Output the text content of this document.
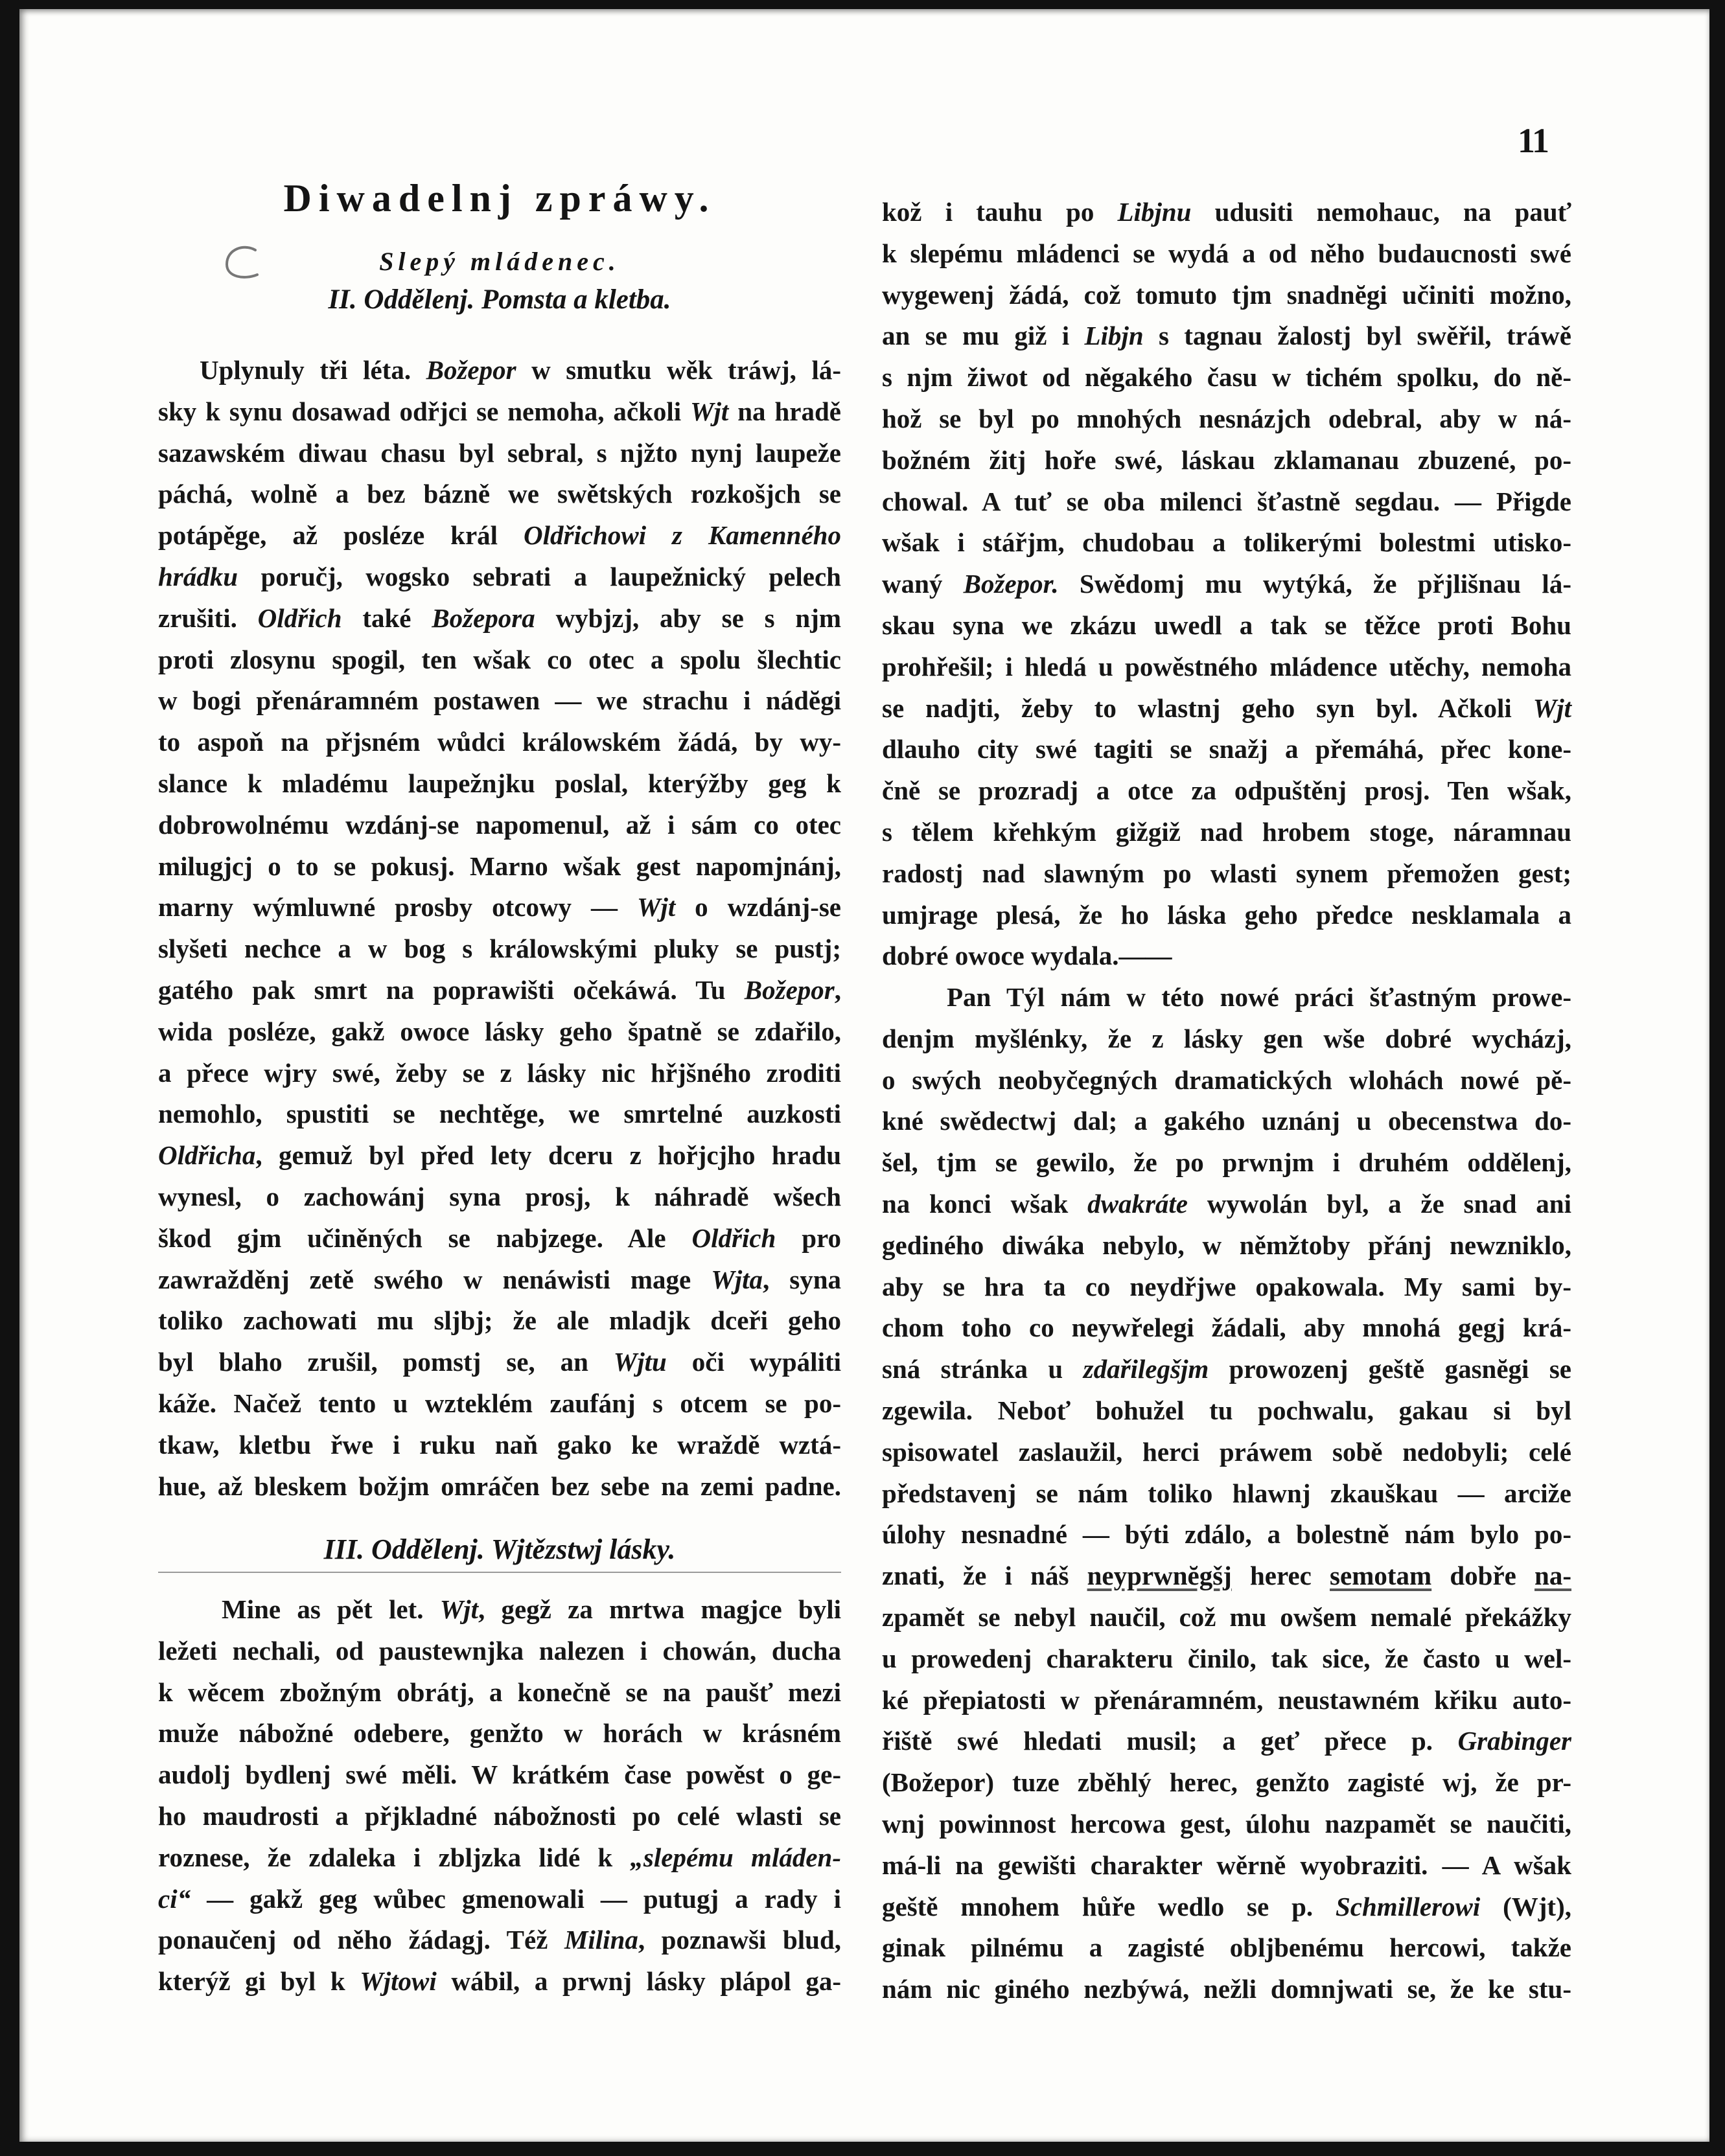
11
Diwadelnj zpráwy.
Slepý mládenec.
II. Oddělenj. Pomsta a kletba.
Uplynuly tři léta. Božepor w smutku wěk tráwj, lá-
sky k synu dosawad odřjci se nemoha, ačkoli Wjt na hradě
sazawském diwau chasu byl sebral, s njžto nynj laupeže
páchá, wolně a bez bázně we swětských rozkošjch se
potápěge, až posléze král Oldřichowi z Kamenného
hrádku poručj, wogsko sebrati a laupežnický pelech
zrušiti. Oldřich také Božepora wybjzj, aby se s njm
proti zlosynu spogil, ten wšak co otec a spolu šlechtic
w bogi přenáramném postawen — we strachu i nádĕgi
to aspoň na přjsném wůdci králowském žádá, by wy-
slance k mladému laupežnjku poslal, kterýžby geg k
dobrowolnému wzdánj-se napomenul, až i sám co otec
milugjcj o to se pokusj. Marno wšak gest napomjnánj,
marny wýmluwné prosby otcowy — Wjt o wzdánj-se
slyšeti nechce a w bog s králowskými pluky se pustj;
gatého pak smrt na poprawišti očekáwá. Tu Božepor,
wida posléze, gakž owoce lásky geho špatně se zdařilo,
a přece wjry swé, žeby se z lásky nic hřjšného zroditi
nemohlo, spustiti se nechtěge, we smrtelné auzkosti
Oldřicha, gemuž byl před lety dceru z hořjcjho hradu
wynesl, o zachowánj syna prosj, k náhradě wšech
škod gjm učiněných se nabjzege. Ale Oldřich pro
zawražděnj zetě swého w nenáwisti mage Wjta, syna
toliko zachowati mu sljbj; že ale mladjk dceři geho
byl blaho zrušil, pomstj se, an Wjtu oči wypáliti
káže. Načež tento u wzteklém zaufánj s otcem se po-
tkaw, kletbu řwe i ruku naň gako ke wraždě wztá-
hue, až bleskem božjm omráčen bez sebe na zemi padne.
III. Oddělenj. Wjtězstwj lásky.
Mine as pět let. Wjt, gegž za mrtwa magjce byli
ležeti nechali, od paustewnjka nalezen i chowán, ducha
k wěcem zbožným obrátj, a konečně se na paušť mezi
muže nábožné odebere, genžto w horách w krásném
audolj bydlenj swé měli. W krátkém čase powěst o ge-
ho maudrosti a přjkladné nábožnosti po celé wlasti se
roznese, že zdaleka i zbljzka lidé k „slepému mláden-
ci“ — gakž geg wůbec gmenowali — putugj a rady i
ponaučenj od něho žádagj. Též Milina, poznawši blud,
kterýž gi byl k Wjtowi wábil, a prwnj lásky plápol ga-
kož i tauhu po Libjnu udusiti nemohauc, na pauť
k slepému mládenci se wydá a od něho budaucnosti swé
wygewenj žádá, což tomuto tjm snadnĕgi učiniti možno,
an se mu giž i Libjn s tagnau žalostj byl swěřil, tráwě
s njm žiwot od něgakého času w tichém spolku, do ně-
hož se byl po mnohých nesnázjch odebral, aby w ná-
božném žitj hoře swé, láskau zklamanau zbuzené, po-
chowal. A tuť se oba milenci šťastně segdau. — Přigde
wšak i stářjm, chudobau a tolikerými bolestmi utisko-
waný Božepor. Swědomj mu wytýká, že přjlišnau lá-
skau syna we zkázu uwedl a tak se těžce proti Bohu
prohřešil; i hledá u powěstného mládence utěchy, nemoha
se nadjti, žeby to wlastnj geho syn byl. Ačkoli Wjt
dlauho city swé tagiti se snažj a přemáhá, přec kone-
čně se prozradj a otce za odpuštěnj prosj. Ten wšak,
s tělem křehkým gižgiž nad hrobem stoge, náramnau
radostj nad slawným po wlasti synem přemožen gest;
umjrage plesá, že ho láska geho předce nesklamala a
dobré owoce wydala.——
Pan Týl nám w této nowé práci šťastným prowe-
denjm myšlénky, že z lásky gen wše dobré wycházj,
o swých neobyčegných dramatických wlohách nowé pě-
kné swědectwj dal; a gakého uznánj u obecenstwa do-
šel, tjm se gewilo, že po prwnjm i druhém oddělenj,
na konci wšak dwakráte wywolán byl, a že snad ani
gediného diwáka nebylo, w němžtoby přánj newzniklo,
aby se hra ta co neydřjwe opakowala. My sami by-
chom toho co neywřelegi žádali, aby mnohá gegj krá-
sná stránka u zdařilegšjm prowozenj geště gasnĕgi se
zgewila. Neboť bohužel tu pochwalu, gakau si byl
spisowatel zaslaužil, herci práwem sobě nedobyli; celé
představenj se nám toliko hlawnj zkauškau — arciže
úlohy nesnadné — býti zdálo, a bolestně nám bylo po-
znati, že i náš neyprwnĕgšj herec semotam dobře na-
zpamět se nebyl naučil, což mu owšem nemalé překážky
u prowedenj charakteru činilo, tak sice, že často u wel-
ké přepiatosti w přenáramném, neustawném křiku auto-
řiště swé hledati musil; a geť přece p. Grabinger
(Božepor) tuze zběhlý herec, genžto zagisté wj, že pr-
wnj powinnost hercowa gest, úlohu nazpamět se naučiti,
má-li na gewišti charakter wěrně wyobraziti. — A wšak
geště mnohem hůře wedlo se p. Schmillerowi (Wjt),
ginak pilnému a zagisté obljbenému hercowi, takže
nám nic giného nezbýwá, nežli domnjwati se, že ke stu-
